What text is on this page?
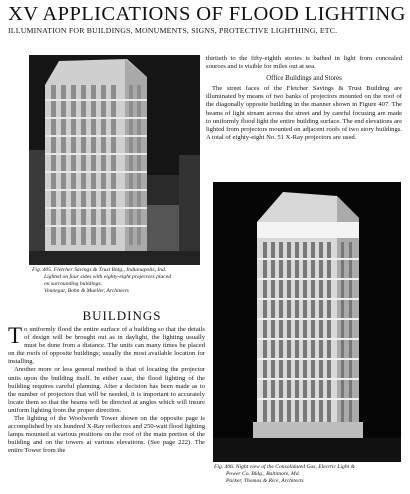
XV APPLICATIONS OF FLOOD LIGHTING
ILLUMINATION FOR BUILDINGS, MONUMENTS, SIGNS, PROTECTIVE LIGHTHING, ETC.
Fig. 405. Fletcher Savings & Trust Bldg., Indianapolis, Ind.
Lighted on four sides with eighty-eight projectors placed
on surrounding buildings.
Vonnegut, Bohn & Mueller, Architects

thirtieth to the fifty-eighth stories is bathed in light from concealed sources and is visible for miles out at sea.

Office Buildings and Stores

The street faces of the Fletcher Savings & Trust Building are illuminated by means of two banks of projectors mounted on the roof of the diagonally opposite building in the manner shown in Figure 407. The beams of light stream across the street and by careful focusing are made to uniformly flood light the entire building surface. The end elevations are lighted from projectors mounted on adjacent roofs of two story buildings. A total of eighty-eight No. 51 X-Ray projectors are used.

Fig. 406. Night view of the Consolidated Gas, Electric Light &
Power Co. Bldg., Baltimore, Md.
Parker, Thomas & Rice, Architects
BUILDINGS

To uniformly flood the entire surface of a building so that the details of design will be brought out as in daylight, the lighting usually must be done from a distance. The units can many times be placed on the roofs of opposite buildings; usually the most available location for installing.

Another more or less general method is that of locating the projector units upon the building itself. In either case, the flood lighting of the building requires careful planning. After a decision has been made as to the number of projectors that will be needed, it is important to accurately locate them so that the beams will be directed at angles which will insure uniform lighting from the proper direction.

The lighting of the Woolworth Tower shown on the opposite page is accomplished by six hundred X-Ray reflectors and 250-watt flood lighting lamps mounted at various positions on the roof of the main portion of the building and on the towers at various elevations. (See page 222). The entire Tower from the
